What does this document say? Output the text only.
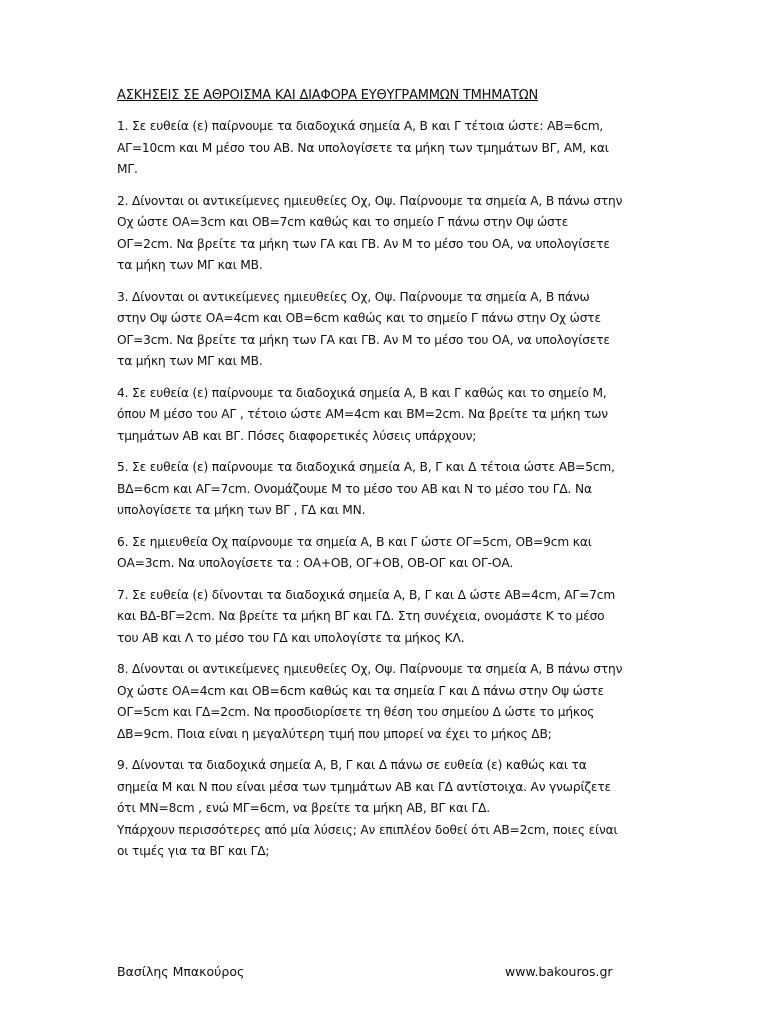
ΑΣΚΗΣΕΙΣ ΣΕ ΑΘΡΟΙΣΜΑ ΚΑΙ ΔΙΑΦΟΡΑ ΕΥΘΥΓΡΑΜΜΩΝ ΤΜΗΜΑΤΩΝ
1. Σε ευθεία (ε) παίρνουμε τα διαδοχικά σημεία Α, Β και Γ τέτοια ώστε: ΑΒ=6cm,
ΑΓ=10cm και Μ μέσο του ΑΒ. Να υπολογίσετε τα μήκη των τμημάτων ΒΓ, ΑΜ, και
ΜΓ.
2. Δίνονται οι αντικείμενες ημιευθείες Οχ, Οψ. Παίρνουμε τα σημεία Α, Β πάνω στην
Οχ ώστε ΟΑ=3cm και ΟΒ=7cm καθώς και το σημείο Γ πάνω στην Οψ ώστε
ΟΓ=2cm. Να βρείτε τα μήκη των ΓΑ και ΓΒ. Αν Μ το μέσο του ΟΑ, να υπολογίσετε
τα μήκη των ΜΓ και ΜΒ.
3. Δίνονται οι αντικείμενες ημιευθείες Οχ, Οψ. Παίρνουμε τα σημεία Α, Β πάνω
στην Οψ ώστε ΟΑ=4cm και ΟΒ=6cm καθώς και το σημείο Γ πάνω στην Οχ ώστε
ΟΓ=3cm. Να βρείτε τα μήκη των ΓΑ και ΓΒ. Αν Μ το μέσο του ΟΑ, να υπολογίσετε
τα μήκη των ΜΓ και ΜΒ.
4. Σε ευθεία (ε) παίρνουμε τα διαδοχικά σημεία Α, Β και Γ καθώς και το σημείο Μ,
όπου Μ μέσο του ΑΓ , τέτοιο ώστε ΑΜ=4cm και ΒΜ=2cm. Να βρείτε τα μήκη των
τμημάτων ΑΒ και ΒΓ. Πόσες διαφορετικές λύσεις υπάρχουν;
5. Σε ευθεία (ε) παίρνουμε τα διαδοχικά σημεία Α, Β, Γ και Δ τέτοια ώστε ΑΒ=5cm,
ΒΔ=6cm και ΑΓ=7cm. Ονομάζουμε Μ το μέσο του ΑΒ και Ν το μέσο του ΓΔ. Να
υπολογίσετε τα μήκη των ΒΓ , ΓΔ και ΜΝ.
6. Σε ημιευθεία Οχ παίρνουμε τα σημεία Α, Β και Γ ώστε ΟΓ=5cm, ΟΒ=9cm και
ΟΑ=3cm. Να υπολογίσετε τα : ΟΑ+ΟΒ, ΟΓ+ΟΒ, ΟΒ-ΟΓ και ΟΓ-ΟΑ.
7. Σε ευθεία (ε) δίνονται τα διαδοχικά σημεία Α, Β, Γ και Δ ώστε ΑΒ=4cm, ΑΓ=7cm
και ΒΔ-ΒΓ=2cm. Να βρείτε τα μήκη ΒΓ και ΓΔ. Στη συνέχεια, ονομάστε Κ το μέσο
του ΑΒ και Λ το μέσο του ΓΔ και υπολογίστε τα μήκος ΚΛ.
8. Δίνονται οι αντικείμενες ημιευθείες Οχ, Οψ. Παίρνουμε τα σημεία Α, Β πάνω στην
Οχ ώστε ΟΑ=4cm και ΟΒ=6cm καθώς και τα σημεία Γ και Δ πάνω στην Οψ ώστε
ΟΓ=5cm και ΓΔ=2cm. Να προσδιορίσετε τη θέση του σημείου Δ ώστε το μήκος
ΔΒ=9cm. Ποια είναι η μεγαλύτερη τιμή που μπορεί να έχει το μήκος ΔΒ;
9. Δίνονται τα διαδοχικά σημεία Α, Β, Γ και Δ πάνω σε ευθεία (ε) καθώς και τα
σημεία Μ και Ν που είναι μέσα των τμημάτων ΑΒ και ΓΔ αντίστοιχα. Αν γνωρίζετε
ότι ΜΝ=8cm , ενώ ΜΓ=6cm, να βρείτε τα μήκη ΑΒ, ΒΓ και ΓΔ.
Υπάρχουν περισσότερες από μία λύσεις; Αν επιπλέον δοθεί ότι ΑΒ=2cm, ποιες είναι
οι τιμές για τα ΒΓ και ΓΔ;
Βασίλης Μπακούρος	www.bakouros.gr
